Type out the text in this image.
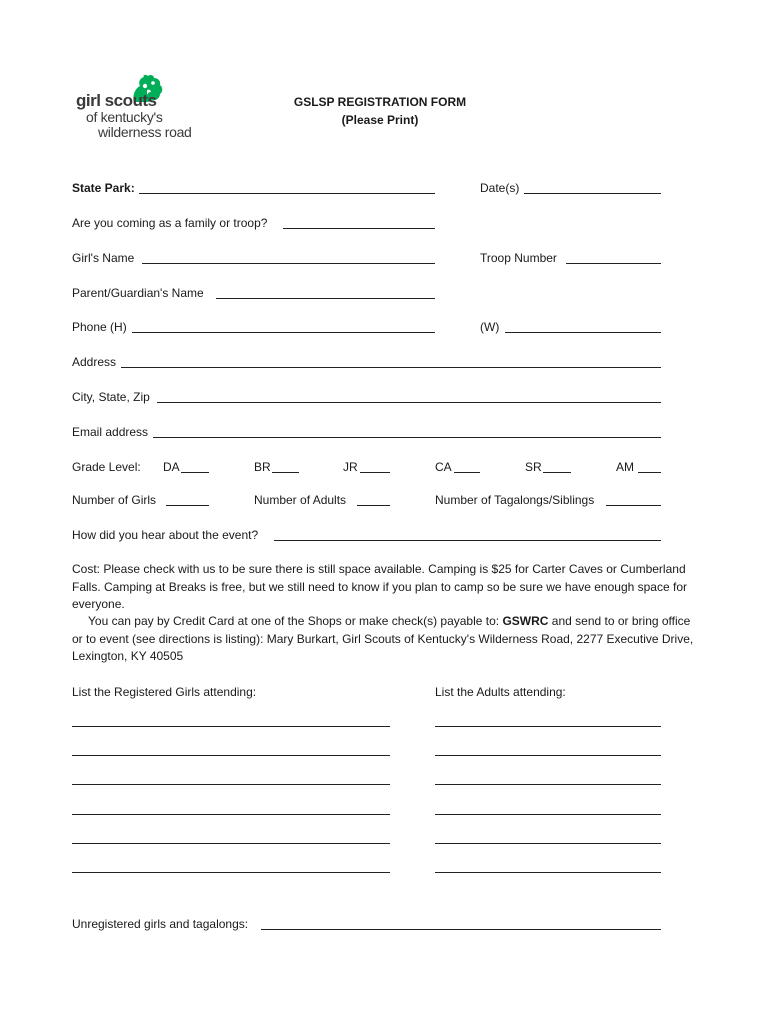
girl scouts
of kentucky's
wilderness road
GSLSP REGISTRATION FORM
(Please Print)
State Park:	Date(s)
Are you coming as a family or troop?
Girl's Name	Troop Number
Parent/Guardian's Name
Phone (H)	(W)
Address
City, State, Zip
Email address
Grade Level: DA	BR	JR	CA	SR	AM
Number of Girls	Number of Adults	Number of Tagalongs/Siblings
How did you hear about the event?
Cost: Please check with us to be sure there is still space available. Camping is $25 for Carter Caves or Cumberland Falls. Camping at Breaks is free, but we still need to know if you plan to camp so be sure we have enough space for everyone.
You can pay by Credit Card at one of the Shops or make check(s) payable to: GSWRC and send to or bring office or to event (see directions is listing): Mary Burkart, Girl Scouts of Kentucky's Wilderness Road, 2277 Executive Drive, Lexington, KY 40505
List the Registered Girls attending:	List the Adults attending:
Unregistered girls and tagalongs:
